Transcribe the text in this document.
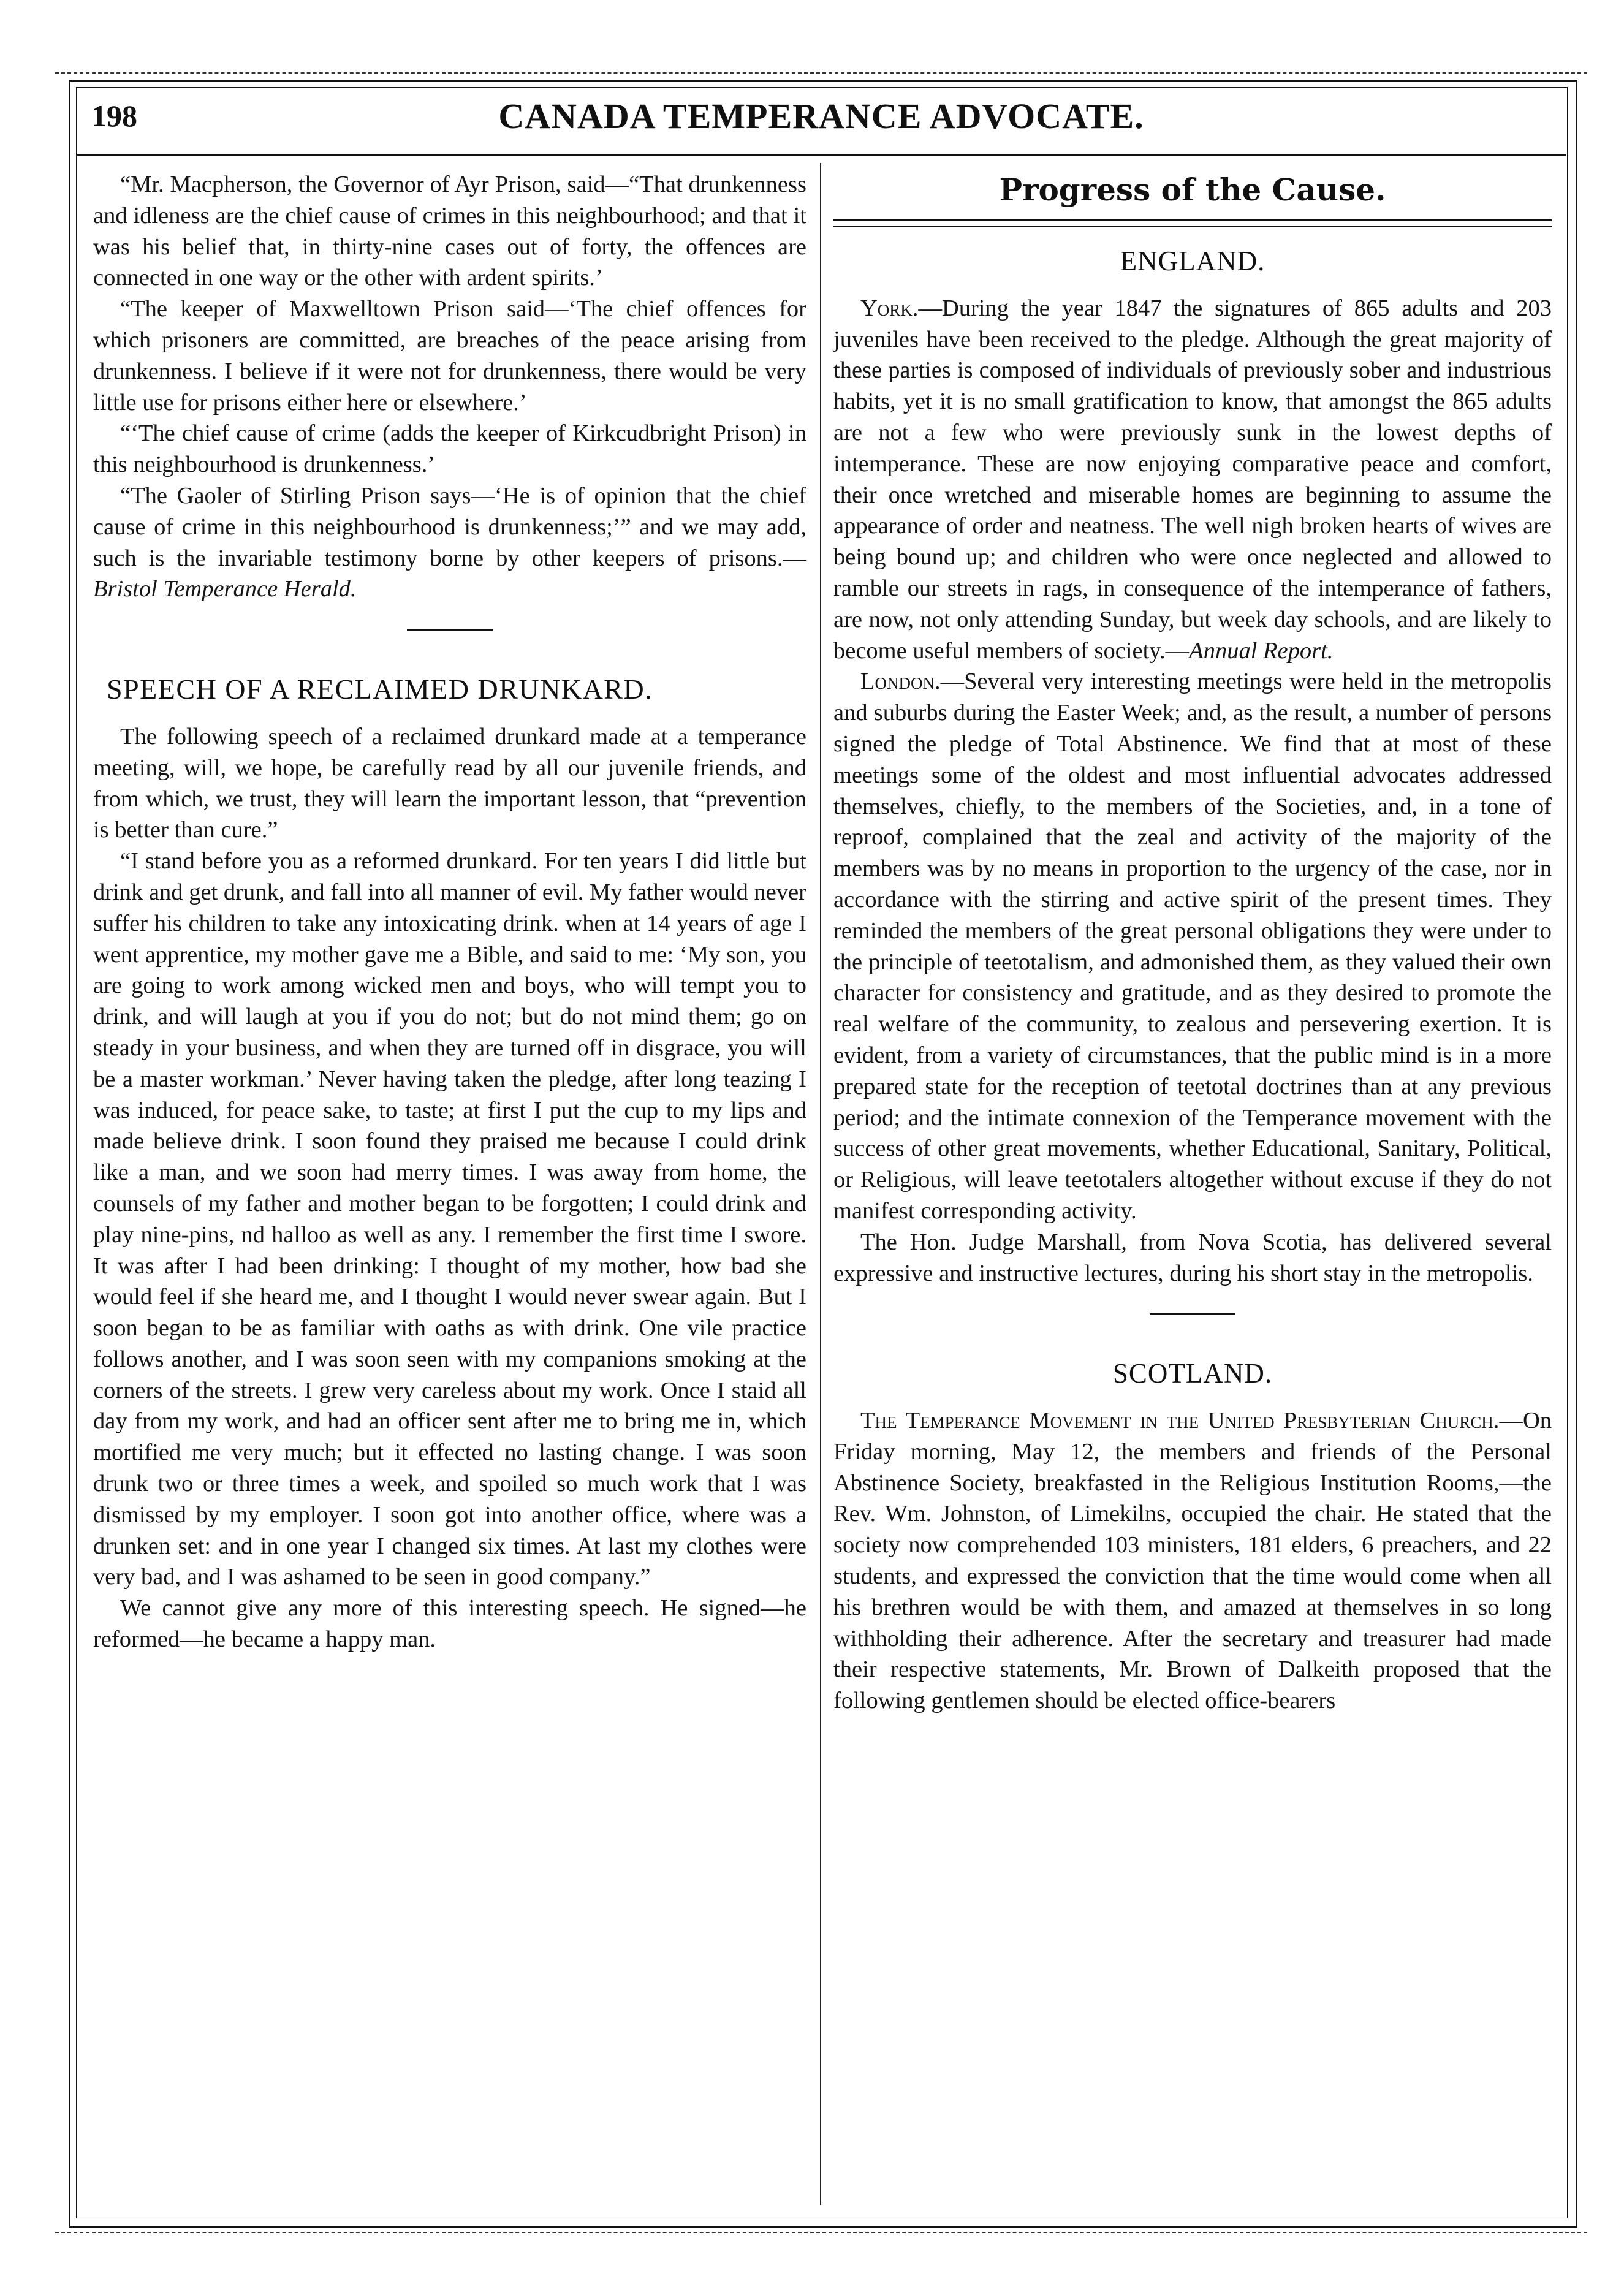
CANADA TEMPERANCE ADVOCATE.
198

“Mr. Macpherson, the Governor of Ayr Prison, said—“That drunkenness and idleness are the chief cause of crimes in this neighbourhood; and that it was his belief that, in thirty-nine cases out of forty, the offences are connected in one way or the other with ardent spirits.’

“The keeper of Maxwelltown Prison said—‘The chief offences for which prisoners are committed, are breaches of the peace arising from drunkenness. I believe if it were not for drunkenness, there would be very little use for prisons either here or elsewhere.’

“‘The chief cause of crime (adds the keeper of Kirkcudbright Prison) in this neighbourhood is drunkenness.’

“The Gaoler of Stirling Prison says—‘He is of opinion that the chief cause of crime in this neighbourhood is drunkenness;’” and we may add, such is the invariable testimony borne by other keepers of prisons.—Bristol Temperance Herald.

SPEECH OF A RECLAIMED DRUNKARD.

The following speech of a reclaimed drunkard made at a temperance meeting, will, we hope, be carefully read by all our juvenile friends, and from which, we trust, they will learn the important lesson, that “prevention is better than cure.”

“I stand before you as a reformed drunkard. For ten years I did little but drink and get drunk, and fall into all manner of evil. My father would never suffer his children to take any intoxicating drink. when at 14 years of age I went apprentice, my mother gave me a Bible, and said to me: ‘My son, you are going to work among wicked men and boys, who will tempt you to drink, and will laugh at you if you do not; but do not mind them; go on steady in your business, and when they are turned off in disgrace, you will be a master workman.’ Never having taken the pledge, after long teazing I was induced, for peace sake, to taste; at first I put the cup to my lips and made believe drink. I soon found they praised me because I could drink like a man, and we soon had merry times. I was away from home, the counsels of my father and mother began to be forgotten; I could drink and play nine-pins, nd halloo as well as any. I remember the first time I swore. It was after I had been drinking: I thought of my mother, how bad she would feel if she heard me, and I thought I would never swear again. But I soon began to be as familiar with oaths as with drink. One vile practice follows another, and I was soon seen with my companions smoking at the corners of the streets. I grew very careless about my work. Once I staid all day from my work, and had an officer sent after me to bring me in, which mortified me very much; but it effected no lasting change. I was soon drunk two or three times a week, and spoiled so much work that I was dismissed by my employer. I soon got into another office, where was a drunken set: and in one year I changed six times. At last my clothes were very bad, and I was ashamed to be seen in good company.”

We cannot give any more of this interesting speech. He signed—he reformed—he became a happy man.

Progress of the Cause.
ENGLAND.

York.—During the year 1847 the signatures of 865 adults and 203 juveniles have been received to the pledge. Although the great majority of these parties is composed of individuals of previously sober and industrious habits, yet it is no small gratification to know, that amongst the 865 adults are not a few who were previously sunk in the lowest depths of intemperance. These are now enjoying comparative peace and comfort, their once wretched and miserable homes are beginning to assume the appearance of order and neatness. The well nigh broken hearts of wives are being bound up; and children who were once neglected and allowed to ramble our streets in rags, in consequence of the intemperance of fathers, are now, not only attending Sunday, but week day schools, and are likely to become useful members of society.—Annual Report.

London.—Several very interesting meetings were held in the metropolis and suburbs during the Easter Week; and, as the result, a number of persons signed the pledge of Total Abstinence. We find that at most of these meetings some of the oldest and most influential advocates addressed themselves, chiefly, to the members of the Societies, and, in a tone of reproof, complained that the zeal and activity of the majority of the members was by no means in proportion to the urgency of the case, nor in accordance with the stirring and active spirit of the present times. They reminded the members of the great personal obligations they were under to the principle of teetotalism, and admonished them, as they valued their own character for consistency and gratitude, and as they desired to promote the real welfare of the community, to zealous and persevering exertion. It is evident, from a variety of circumstances, that the public mind is in a more prepared state for the reception of teetotal doctrines than at any previous period; and the intimate connexion of the Temperance movement with the success of other great movements, whether Educational, Sanitary, Political, or Religious, will leave teetotalers altogether without excuse if they do not manifest corresponding activity.

The Hon. Judge Marshall, from Nova Scotia, has delivered several expressive and instructive lectures, during his short stay in the metropolis.

SCOTLAND.

The Temperance Movement in the United Presbyterian Church.—On Friday morning, May 12, the members and friends of the Personal Abstinence Society, breakfasted in the Religious Institution Rooms,—the Rev. Wm. Johnston, of Limekilns, occupied the chair. He stated that the society now comprehended 103 ministers, 181 elders, 6 preachers, and 22 students, and expressed the conviction that the time would come when all his brethren would be with them, and amazed at themselves in so long withholding their adherence. After the secretary and treasurer had made their respective statements, Mr. Brown of Dalkeith proposed that the following gentlemen should be elected office-bearers
